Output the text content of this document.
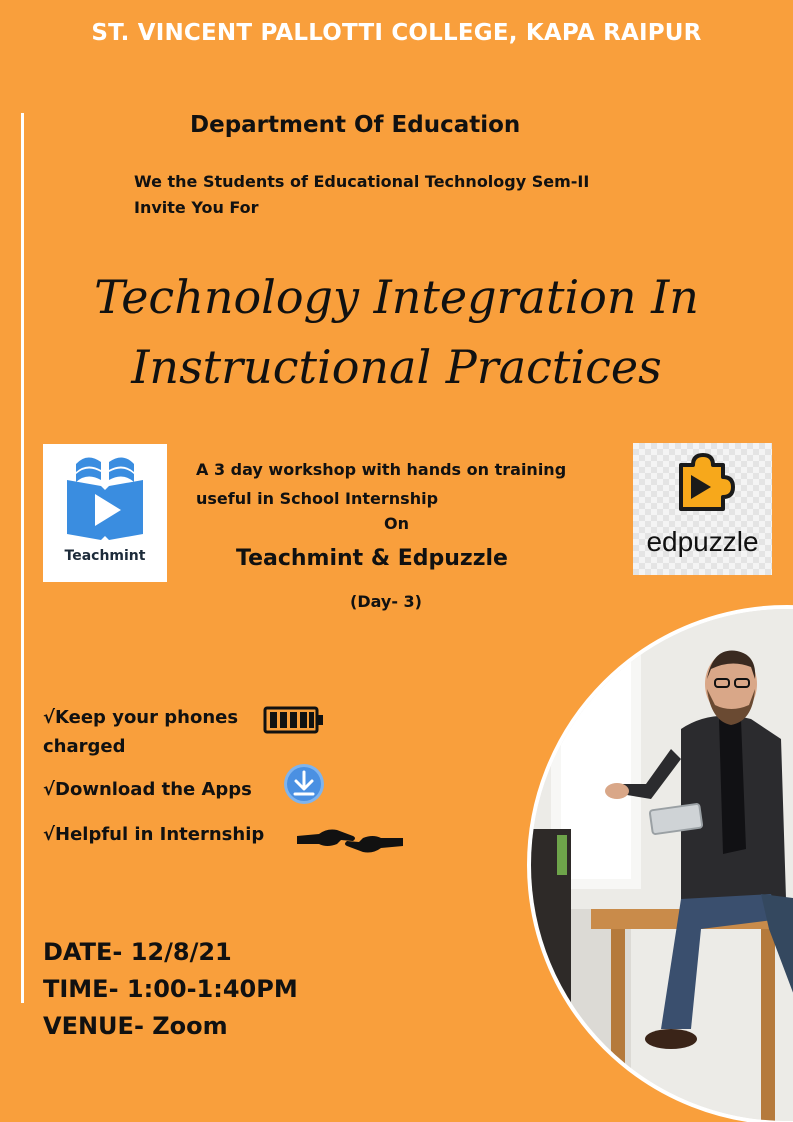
ST. VINCENT PALLOTTI COLLEGE, KAPA RAIPUR
Department Of Education
We the Students of Educational Technology Sem-II
Invite You For
Technology Integration In
Instructional Practices
Teachmint
A 3 day workshop with hands on training
useful in School Internship
On
Teachmint & Edpuzzle
(Day- 3)
edpuzzle
√Keep your phones charged
√Download the Apps
√Helpful in Internship
DATE- 12/8/21
TIME- 1:00-1:40PM
VENUE- Zoom
